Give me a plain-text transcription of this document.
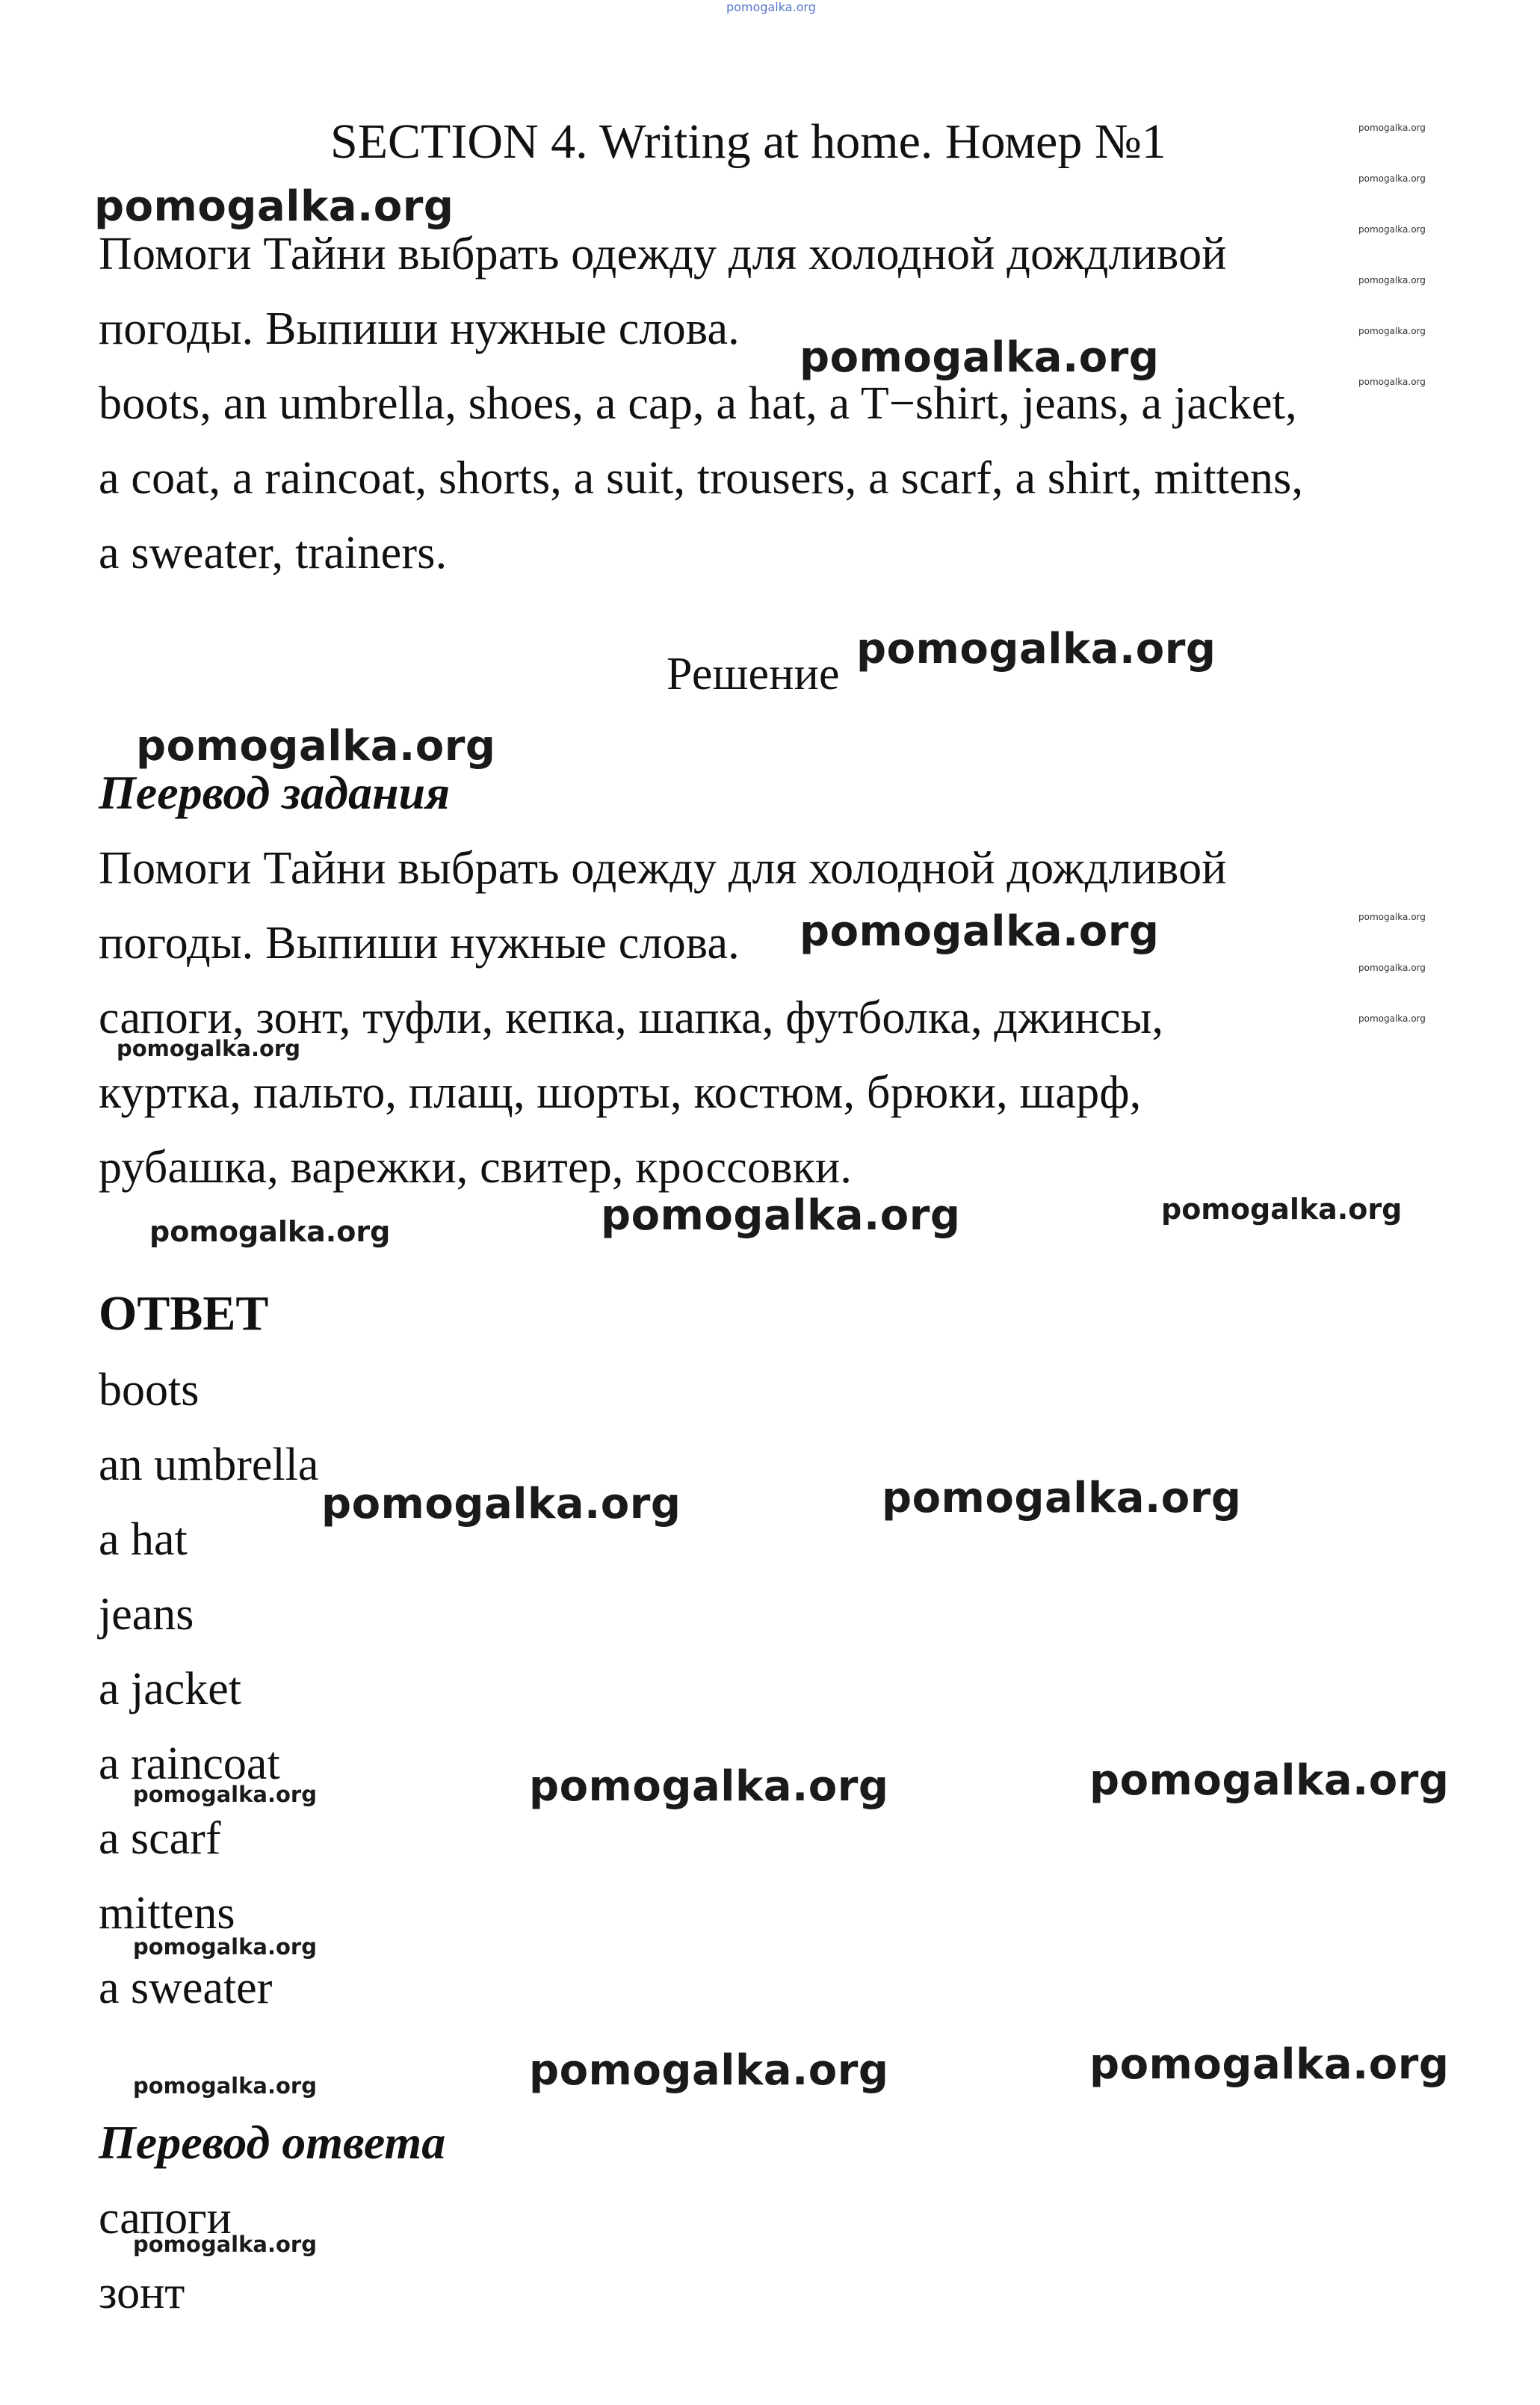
pomogalka.org
SECTION 4. Writing at home. Номер №1
Помоги Тайни выбрать одежду для холодной дождливой
погоды. Выпиши нужные слова.
boots, an umbrella, shoes, a cap, a hat, a T−shirt, jeans, a jacket,
a coat, a raincoat, shorts, a suit, trousers, a scarf, a shirt, mittens,
a sweater, trainers.
Решение
Пеервод задания
Помоги Тайни выбрать одежду для холодной дождливой
погоды. Выпиши нужные слова.
сапоги, зонт, туфли, кепка, шапка, футболка, джинсы,
куртка, пальто, плащ, шорты, костюм, брюки, шарф,
рубашка, варежки, свитер, кроссовки.
ОТВЕТ
boots
an umbrella
a hat
jeans
a jacket
a raincoat
a scarf
mittens
a sweater
Перевод ответа
сапоги
зонт
pomogalka.org
pomogalka.org
pomogalka.org
pomogalka.org
pomogalka.org
pomogalka.org
pomogalka.org	pomogalka.org
pomogalka.org	pomogalka.org
pomogalka.org	pomogalka.org
pomogalka.org
pomogalka.org
pomogalka.org
pomogalka.org
pomogalka.org
pomogalka.org
pomogalka.org
pomogalka.org
pomogalka.org
pomogalka.org
pomogalka.org
pomogalka.org
pomogalka.org
pomogalka.org
pomogalka.org
pomogalka.org
